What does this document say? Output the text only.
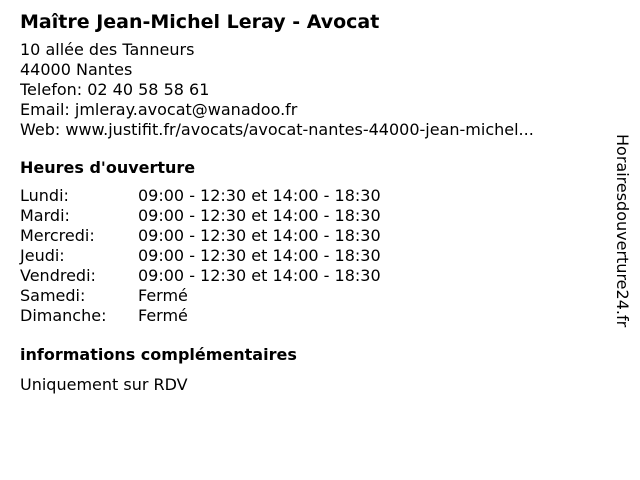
Maître Jean-Michel Leray - Avocat
10 allée des Tanneurs
44000 Nantes
Telefon: 02 40 58 58 61
Email: jmleray.avocat@wanadoo.fr
Web: www.justifit.fr/avocats/avocat-nantes-44000-jean-michel...
Heures d'ouverture
Lundi:	09:00 - 12:30 et 14:00 - 18:30
Mardi:	09:00 - 12:30 et 14:00 - 18:30
Mercredi:	09:00 - 12:30 et 14:00 - 18:30
Jeudi:	09:00 - 12:30 et 14:00 - 18:30
Vendredi:	09:00 - 12:30 et 14:00 - 18:30
Samedi:	Fermé
Dimanche:	Fermé
informations complémentaires
Uniquement sur RDV
Horairesdouverture24.fr
